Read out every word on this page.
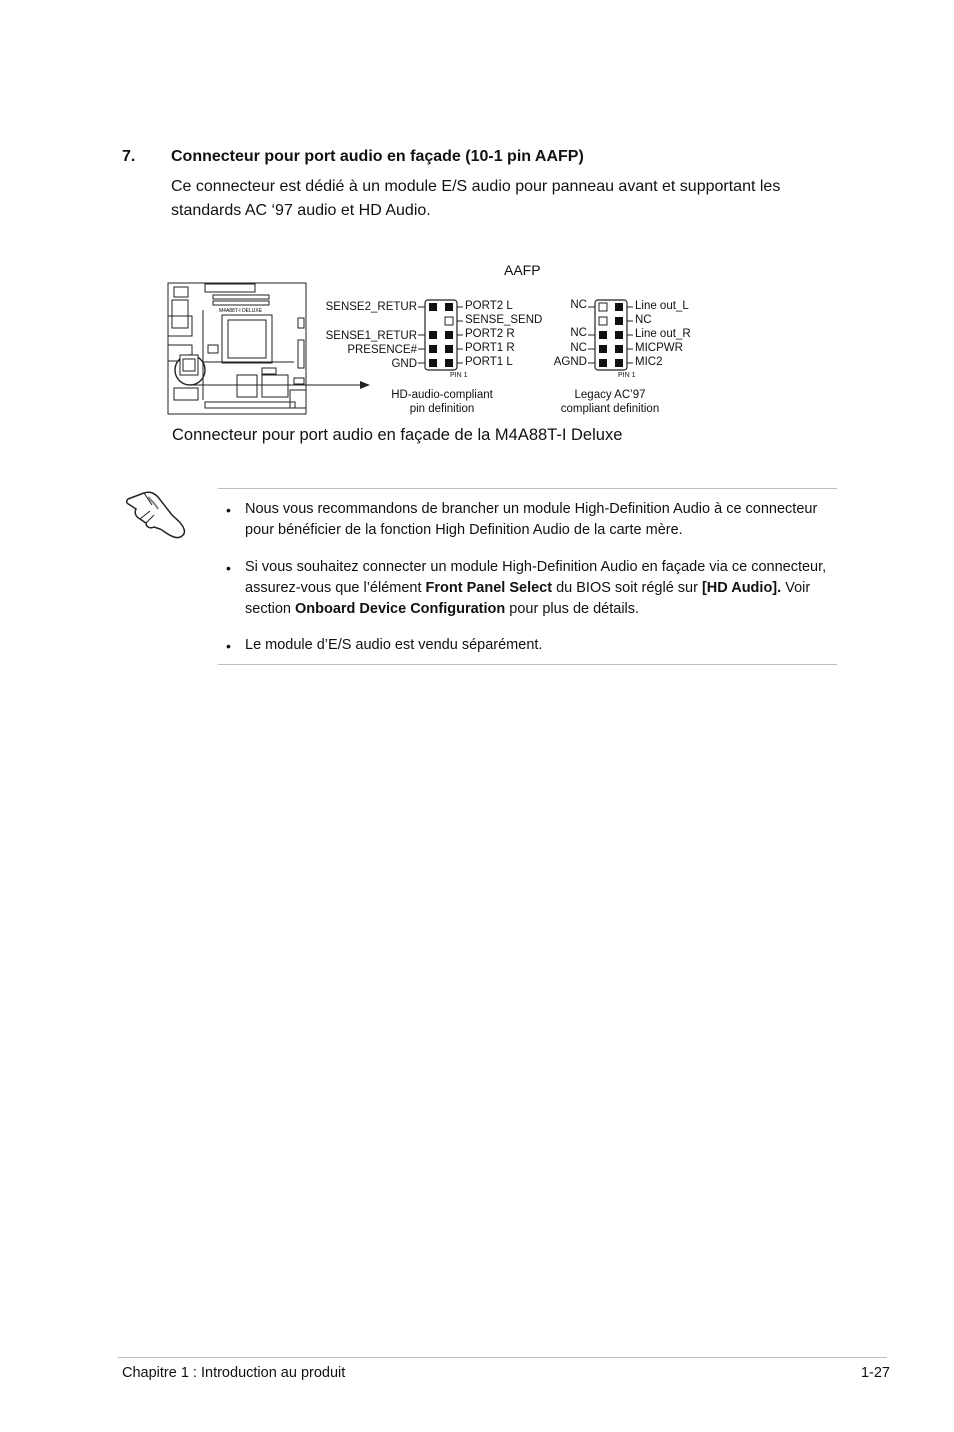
7. Connecteur pour port audio en façade (10-1 pin AAFP)
Ce connecteur est dédié à un module E/S audio pour panneau avant et supportant les standards AC ‘97 audio et HD Audio.
AAFP
M4A88T-I DELUXE	SENSE2_RETUR
SENSE1_RETUR
PRESENCE#
GND
PORT2 L
SENSE_SEND
PORT2 R
PORT1 R
PORT1 L
PIN 1
HD-audio-compliant
pin definition
NC
NC
NC
AGND
Line out_L
NC
Line out_R
MICPWR
MIC2
PIN 1
Legacy AC’97
compliant definition
Connecteur pour port audio en façade de la M4A88T-I Deluxe
• Nous vous recommandons de brancher un module High-Definition Audio à ce connecteur pour bénéficier de la fonction High Definition Audio de la carte mère.
• Si vous souhaitez connecter un module High-Definition Audio en façade via ce connecteur, assurez-vous que l’élément Front Panel Select du BIOS soit réglé sur [HD Audio]. Voir section Onboard Device Configuration pour plus de détails.
• Le module d’E/S audio est vendu séparément.
Chapitre 1 : Introduction au produit	1-27
